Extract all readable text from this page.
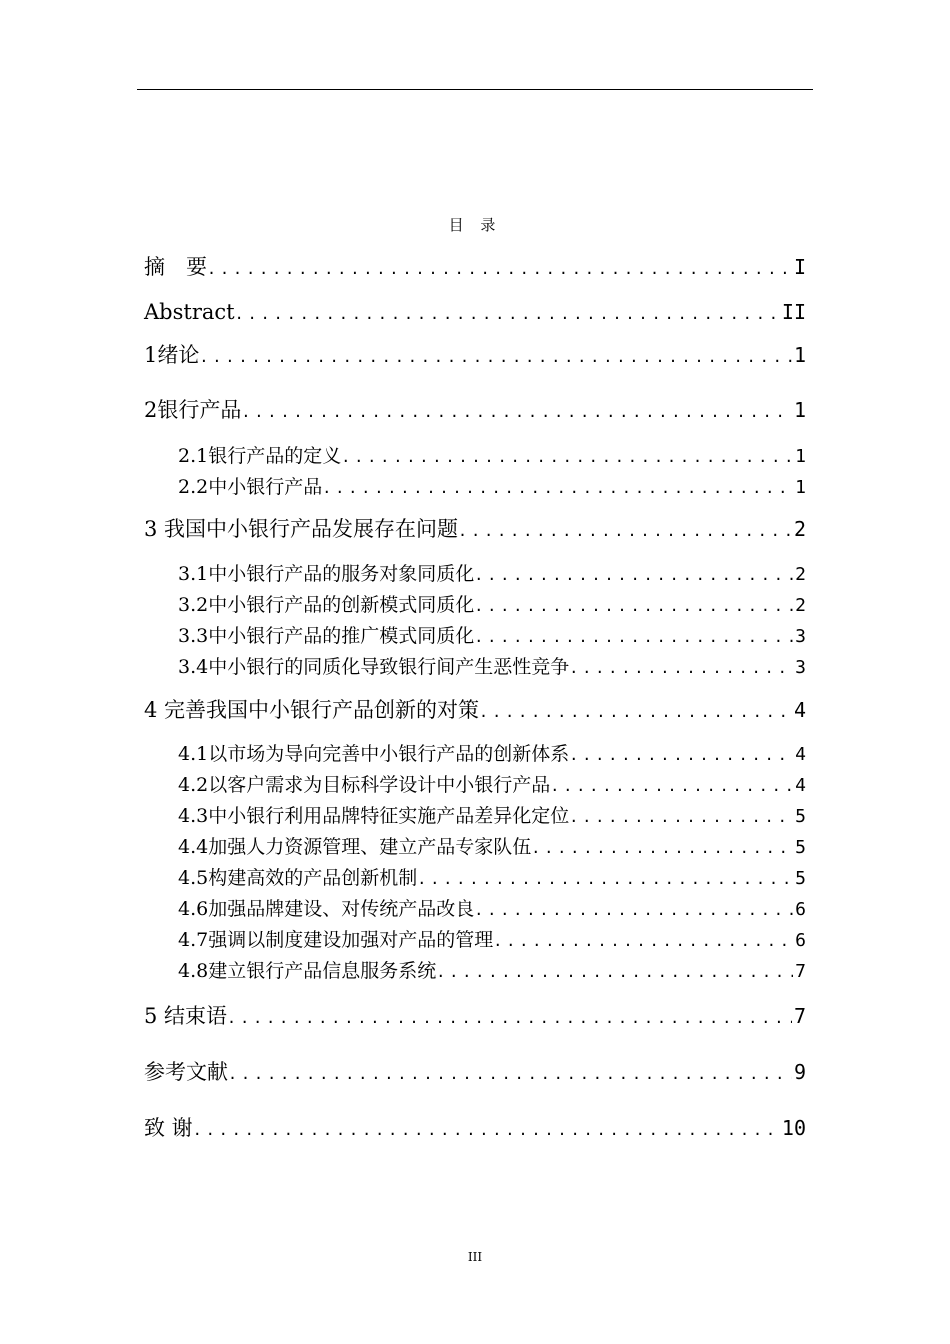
目 录
摘　要 .....	I
Abstract .....	II
1绪论 .....	1
2银行产品 .....	1
2.1银行产品的定义 .....	1
2.2中小银行产品 .....	1
3 我国中小银行产品发展存在问题 .....	2
3.1中小银行产品的服务对象同质化 .....	2
3.2中小银行产品的创新模式同质化 .....	2
3.3中小银行产品的推广模式同质化 .....	3
3.4中小银行的同质化导致银行间产生恶性竞争 .....	3
4 完善我国中小银行产品创新的对策 .....	4
4.1以市场为导向完善中小银行产品的创新体系 .....	4
4.2以客户需求为目标科学设计中小银行产品 .....	4
4.3中小银行利用品牌特征实施产品差异化定位 .....	5
4.4加强人力资源管理、建立产品专家队伍 .....	5
4.5构建高效的产品创新机制 .....	5
4.6加强品牌建设、对传统产品改良 .....	6
4.7强调以制度建设加强对产品的管理 .....	6
4.8建立银行产品信息服务系统 .....	7
5 结束语 .....	7
参考文献 .....	9
致 谢 .....	10
III
